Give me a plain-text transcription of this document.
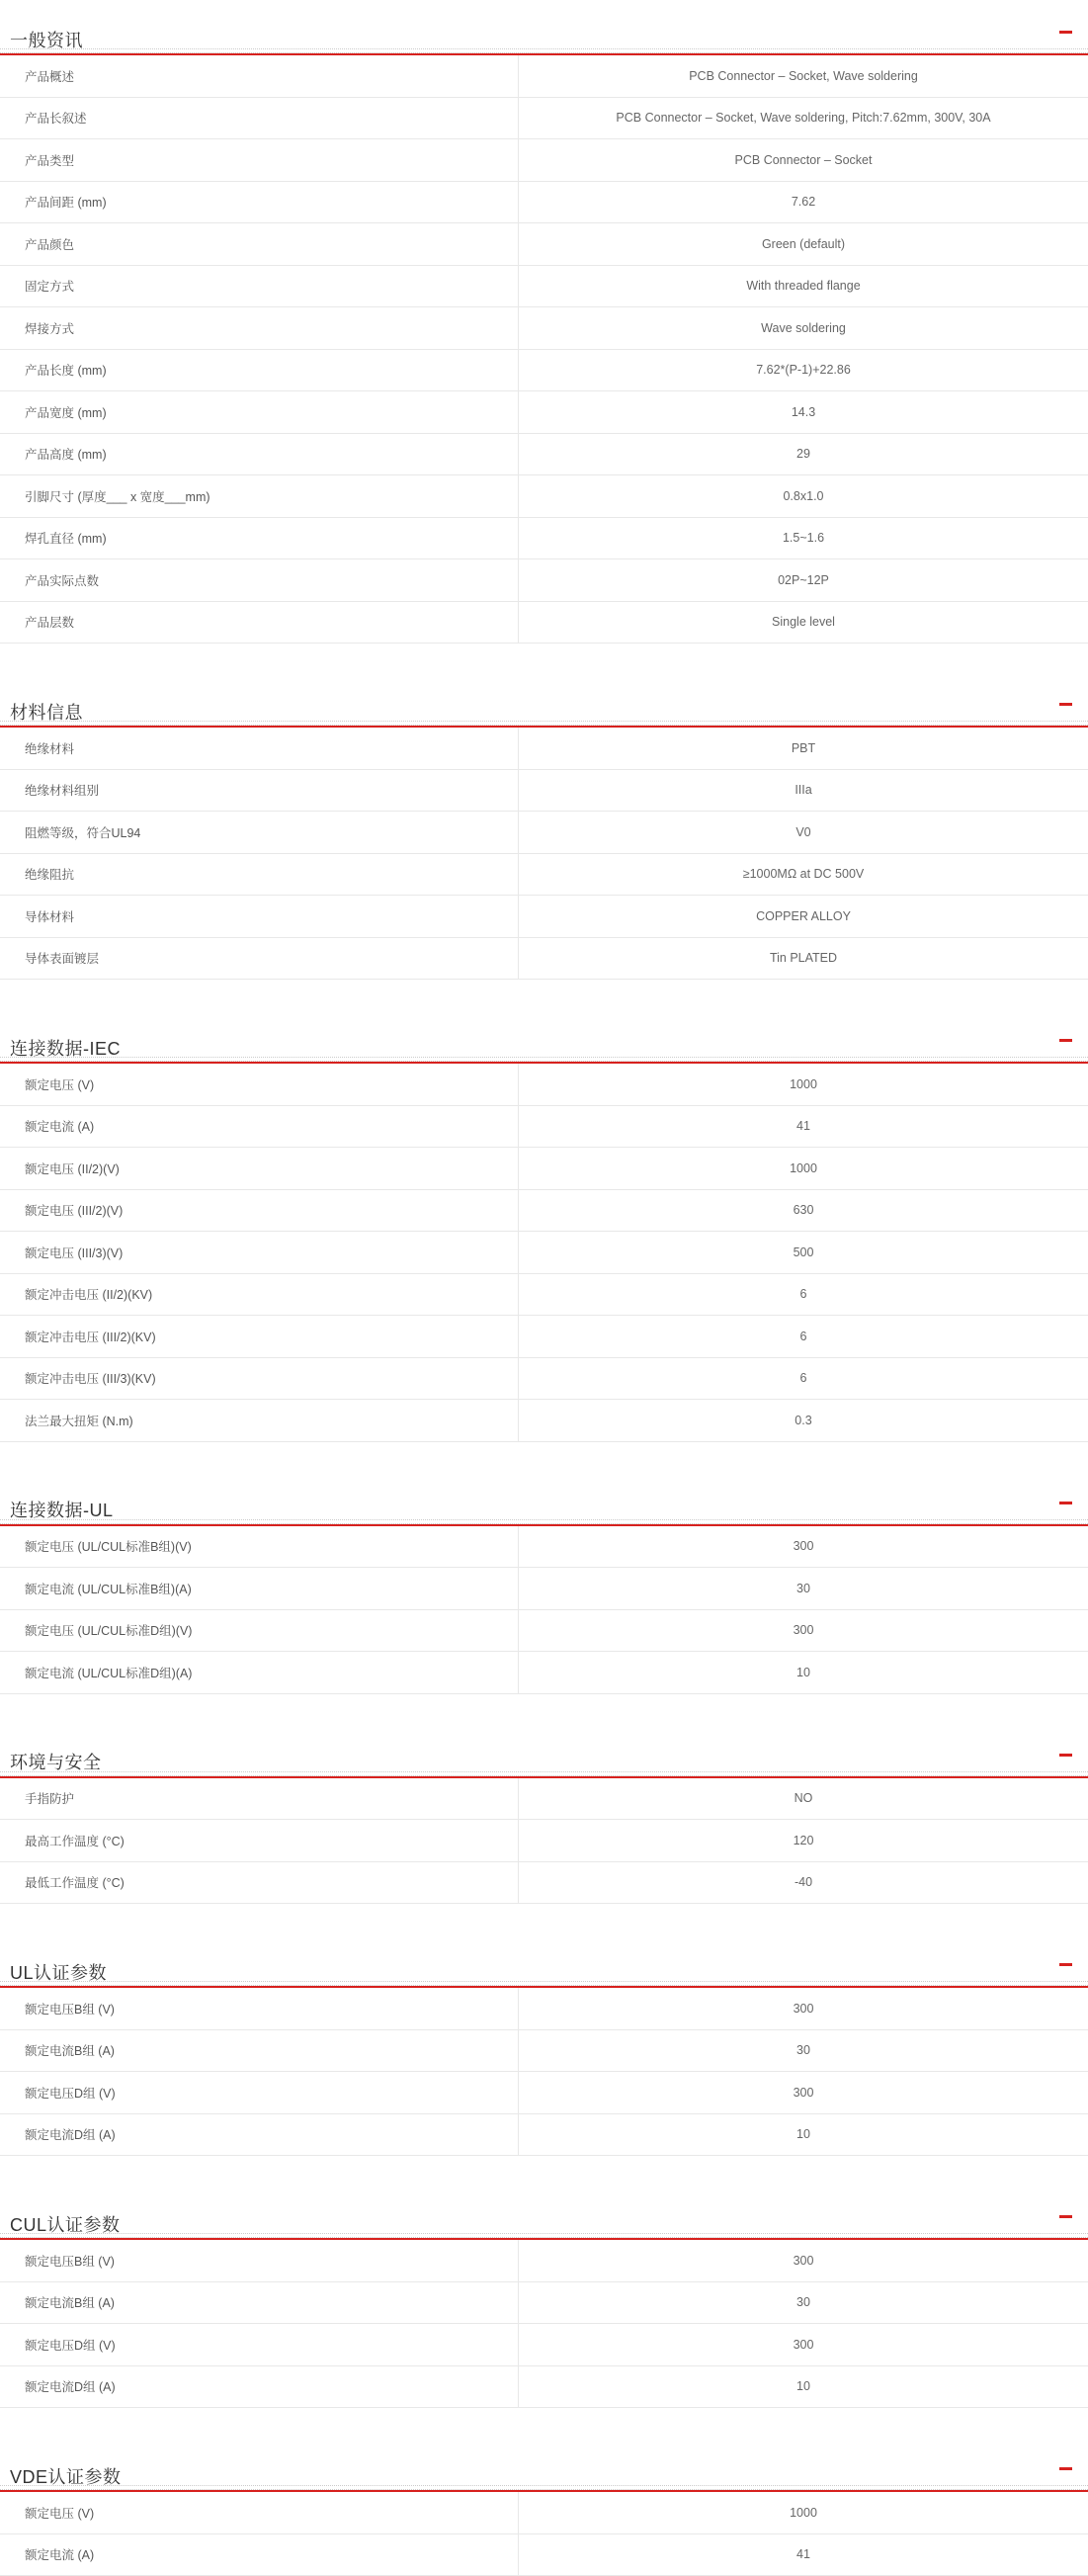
一般资讯
产品概述	PCB Connector – Socket, Wave soldering
产品长叙述	PCB Connector – Socket, Wave soldering, Pitch:7.62mm, 300V, 30A
产品类型	PCB Connector – Socket
产品间距 (mm)	7.62
产品颜色	Green (default)
固定方式	With threaded flange
焊接方式	Wave soldering
产品长度 (mm)	7.62*(P-1)+22.86
产品宽度 (mm)	14.3
产品高度 (mm)	29
引脚尺寸 (厚度___ x 宽度___mm)	0.8x1.0
焊孔直径 (mm)	1.5~1.6
产品实际点数	02P~12P
产品层数	Single level
材料信息
绝缘材料	PBT
绝缘材料组别	IIIa
阻燃等级，符合UL94	V0
绝缘阻抗	≥1000MΩ at DC 500V
导体材料	COPPER ALLOY
导体表面镀层	Tin PLATED
连接数据-IEC
额定电压 (V)	1000
额定电流 (A)	41
额定电压 (II/2)(V)	1000
额定电压 (III/2)(V)	630
额定电压 (III/3)(V)	500
额定冲击电压 (II/2)(KV)	6
额定冲击电压 (III/2)(KV)	6
额定冲击电压 (III/3)(KV)	6
法兰最大扭矩 (N.m)	0.3
连接数据-UL
额定电压 (UL/CUL标准B组)(V)	300
额定电流 (UL/CUL标准B组)(A)	30
额定电压 (UL/CUL标准D组)(V)	300
额定电流 (UL/CUL标准D组)(A)	10
环境与安全
手指防护	NO
最高工作温度 (°C)	120
最低工作温度 (°C)	-40
UL认证参数
额定电压B组 (V)	300
额定电流B组 (A)	30
额定电压D组 (V)	300
额定电流D组 (A)	10
CUL认证参数
额定电压B组 (V)	300
额定电流B组 (A)	30
额定电压D组 (V)	300
额定电流D组 (A)	10
VDE认证参数
额定电压 (V)	1000
额定电流 (A)	41
